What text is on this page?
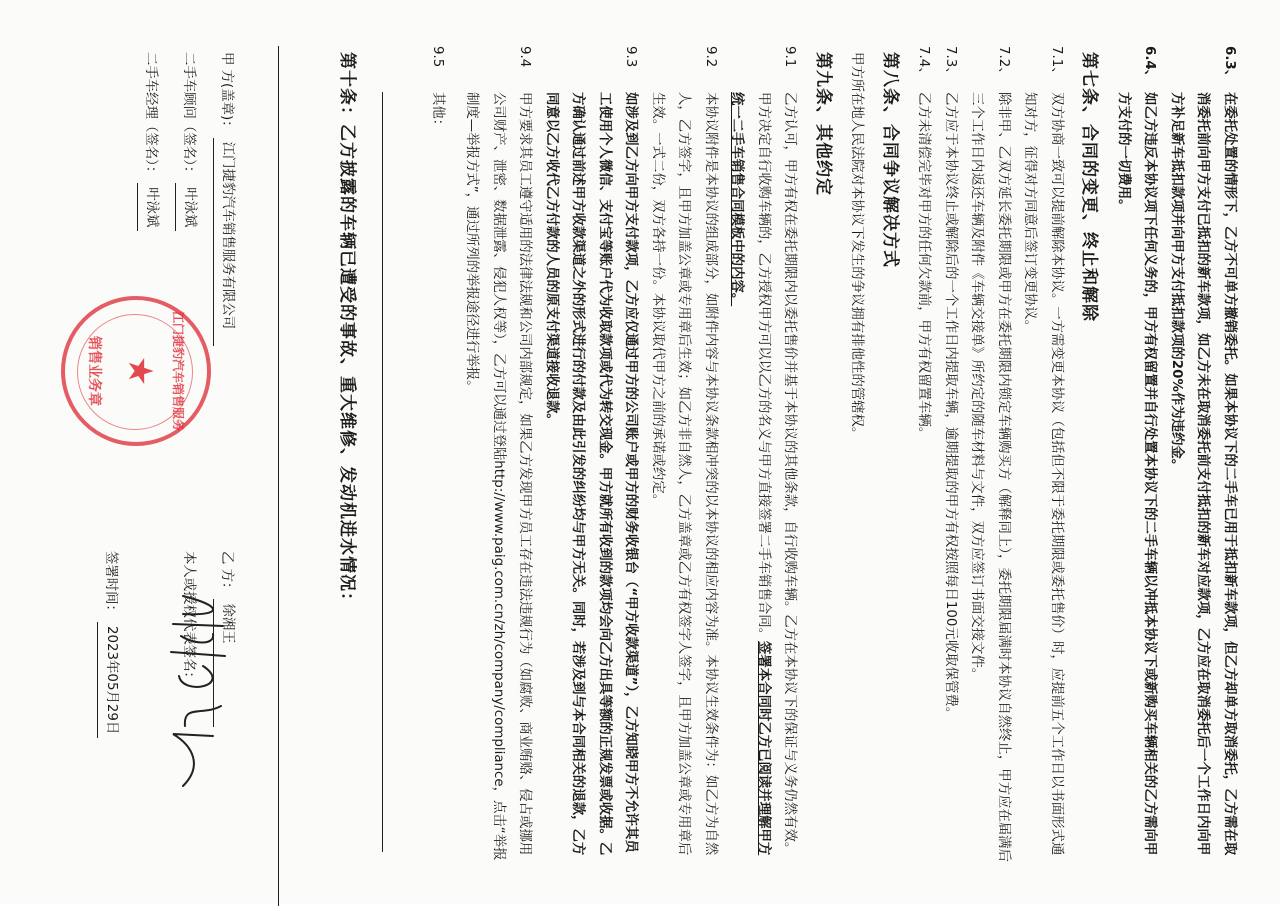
6.3、
在委托处置的情形下，乙方不可单方撤销委托。如果本协议下的二手车已用于抵扣新车款项，但乙方却单方取消委托，乙方需在取消委托前向甲方支付已抵扣的新车款项，如乙方未在取消委托前支付抵扣的新车对应款项，乙方应在取消委托后一个工作日内向甲方补足新车抵扣款项并向甲方支付抵扣款项的20%作为违约金。
6.4、
如乙方违反本协议项下任何义务的，甲方有权留置并自行处置本协议下的二手车辆以冲抵本协议下或新购买车辆相关的乙方需向甲方支付的一切费用。
第七条、合同的变更、终止和解除
7.1、
双方协商一致可以提前解除本协议。一方需变更本协议（包括但不限于委托期限或委托售价）时，应提前五个工作日以书面形式通知对方，征得对方同意后签订变更协议。
7.2、
除非甲、乙双方延长委托期限或甲方在委托期限内锁定车辆购买方（解释同上），委托期限届满时本协议自然终止，甲方应在届满后三个工作日内返还车辆及附件《车辆交接单》所约定的随车材料与文件，双方应签订书面交接文件。
7.3、
乙方应于本协议终止或解除后的一个工作日内提取车辆，逾期提取的甲方有权按照每日100元收取保管费。
7.4、
乙方未清偿完毕对甲方的任何欠款前，甲方有权留置车辆。
第八条、合同争议解决方式
甲方所在地人民法院对本协议下发生的争议拥有排他性的管辖权。
第九条、其他约定
9.1
乙方认可，甲方有权在委托期限内以委托售价并基于本协议的其他条款，自行收购车辆。乙方在本协议下的保证与义务仍然有效。甲方决定自行收购车辆的，乙方授权甲方可以以乙方的名义与甲方直接签署二手车销售合同。签署本合同时乙方已阅读并理解甲方统一二手车销售合同模板中的内容。
9.2
本协议附件是本协议的组成部分，如附件内容与本协议条款相冲突的以本协议的相应内容为准。本协议生效条件为：如乙方为自然人，乙方签字，且甲方加盖公章或专用章后生效；如乙方非自然人，乙方盖章或乙方有权签字人签字，且甲方加盖公章或专用章后生效。一式二份，双方各持一份。本协议取代甲方之前的承诺或约定。
9.3
如涉及到乙方向甲方支付款项，乙方应仅通过甲方的公司账户或甲方的财务收银台（“甲方收款渠道”），乙方知晓甲方不允许其员工使用个人微信、支付宝等账户代为收取款项或代为转交现金。甲方就所有收到的款项均会向乙方出具等额的正规发票或收据。乙方确认通过前述甲方收款渠道之外的形式进行的付款及由此引发的纠纷均与甲方无关。同时，若涉及到与本合同相关的退款，乙方同意以乙方收代乙方付款的人员的原支付渠道接收退款。
9.4
甲方要求其员工遵守适用的法律法规和公司内部规定，如果乙方发现甲方员工存在违法违规行为（如腐败、商业贿赂、侵占或挪用公司财产、泄密、数据泄露、侵犯人权等），乙方可以通过登陆http://www.paig.com.cn/zh/company/compliance，点击“举报制度—举报方式”，通过所列的举报途径进行举报。
9.5
其他：
第十条：乙方披露的车辆已遭受的事故、重大维修、发动机进水情况：
甲 方(盖章)：
江门捷豹汽车销售服务有限公司
二手车顾问（签名）：
叶泳斌
二手车经理（签名）：
叶泳斌
江门捷豹汽车销售服务
★
销售业务章
乙 方：
徐湘王
本人或授权代表签名：
签署时间：
2023年05月29日
